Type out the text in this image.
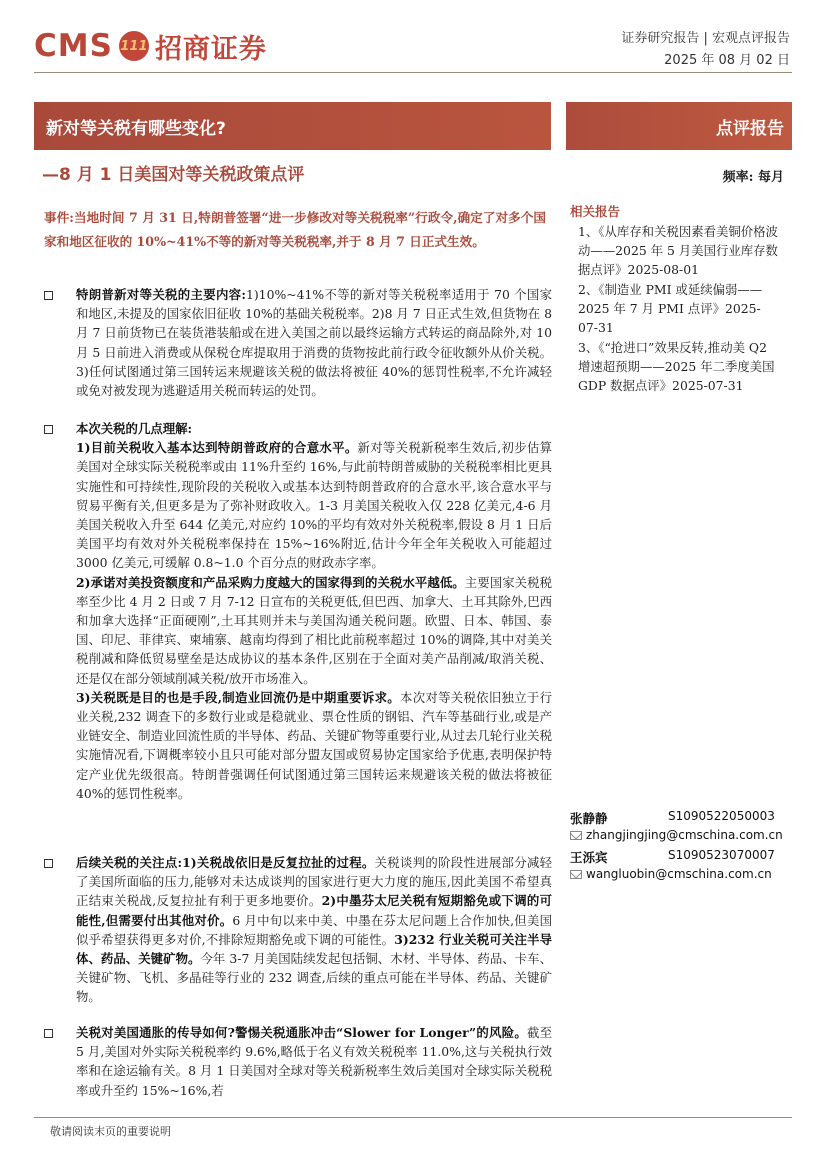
CMS 111 招商证券	证券研究报告 | 宏观点评报告
2025 年 08 月 02 日
新对等关税有哪些变化?	点评报告
—8 月 1 日美国对等关税政策点评	频率: 每月
事件:当地时间 7 月 31 日,特朗普签署“进一步修改对等关税税率”行政令,确定了对多个国家和地区征收的 10%~41%不等的新对等关税税率,并于 8 月 7 日正式生效。
特朗普新对等关税的主要内容:1)10%~41%不等的新对等关税税率适用于 70 个国家和地区,未提及的国家依旧征收 10%的基础关税税率。2)8 月 7 日正式生效,但货物在 8 月 7 日前货物已在装货港装船或在进入美国之前以最终运输方式转运的商品除外,对 10 月 5 日前进入消费或从保税仓库提取用于消费的货物按此前行政令征收额外从价关税。3)任何试图通过第三国转运来规避该关税的做法将被征 40%的惩罚性税率,不允许减轻或免对被发现为逃避适用关税而转运的处罚。
本次关税的几点理解:
1)目前关税收入基本达到特朗普政府的合意水平。新对等关税新税率生效后,初步估算美国对全球实际关税税率或由 11%升至约 16%,与此前特朗普威胁的关税税率相比更具实施性和可持续性,现阶段的关税收入或基本达到特朗普政府的合意水平,该合意水平与贸易平衡有关,但更多是为了弥补财政收入。1-3 月美国关税收入仅 228 亿美元,4-6 月美国关税收入升至 644 亿美元,对应约 10%的平均有效对外关税税率,假设 8 月 1 日后美国平均有效对外关税税率保持在 15%~16%附近,估计今年全年关税收入可能超过 3000 亿美元,可缓解 0.8~1.0 个百分点的财政赤字率。
2)承诺对美投资额度和产品采购力度越大的国家得到的关税水平越低。主要国家关税税率至少比 4 月 2 日或 7 月 7-12 日宣布的关税更低,但巴西、加拿大、土耳其除外,巴西和加拿大选择“正面硬刚”,土耳其则并未与美国沟通关税问题。欧盟、日本、韩国、泰国、印尼、菲律宾、柬埔寨、越南均得到了相比此前税率超过 10%的调降,其中对美关税削减和降低贸易壁垒是达成协议的基本条件,区别在于全面对美产品削减/取消关税、还是仅在部分领域削减关税/放开市场准入。
3)关税既是目的也是手段,制造业回流仍是中期重要诉求。本次对等关税依旧独立于行业关税,232 调查下的多数行业或是稳就业、票仓性质的钢铝、汽车等基础行业,或是产业链安全、制造业回流性质的半导体、药品、关键矿物等重要行业,从过去几轮行业关税实施情况看,下调概率较小且只可能对部分盟友国或贸易协定国家给予优惠,表明保护特定产业优先级很高。特朗普强调任何试图通过第三国转运来规避该关税的做法将被征 40%的惩罚性税率。
后续关税的关注点:1)关税战依旧是反复拉扯的过程。关税谈判的阶段性进展部分减轻了美国所面临的压力,能够对未达成谈判的国家进行更大力度的施压,因此美国不希望真正结束关税战,反复拉扯有利于更多地要价。2)中墨芬太尼关税有短期豁免或下调的可能性,但需要付出其他对价。6 月中旬以来中美、中墨在芬太尼问题上合作加快,但美国似乎希望获得更多对价,不排除短期豁免或下调的可能性。3)232 行业关税可关注半导体、药品、关键矿物。今年 3-7 月美国陆续发起包括铜、木材、半导体、药品、卡车、关键矿物、飞机、多晶硅等行业的 232 调查,后续的重点可能在半导体、药品、关键矿物。
关税对美国通胀的传导如何?警惕关税通胀冲击“Slower for Longer”的风险。截至 5 月,美国对外实际关税税率约 9.6%,略低于名义有效关税税率 11.0%,这与关税执行效率和在途运输有关。8 月 1 日美国对全球对等关税新税率生效后美国对全球实际关税税率或升至约 15%~16%,若
相关报告
1、《从库存和关税因素看美铜价格波动——2025 年 5 月美国行业库存数据点评》2025-08-01
2、《制造业 PMI 或延续偏弱——2025 年 7 月 PMI 点评》2025-07-31
3、《“抢进口”效果反转,推动美 Q2 增速超预期——2025 年二季度美国 GDP 数据点评》2025-07-31
张静静	S1090522050003
zhangjingjing@cmschina.com.cn
王泺宾	S1090523070007
wangluobin@cmschina.com.cn
敬请阅读末页的重要说明
